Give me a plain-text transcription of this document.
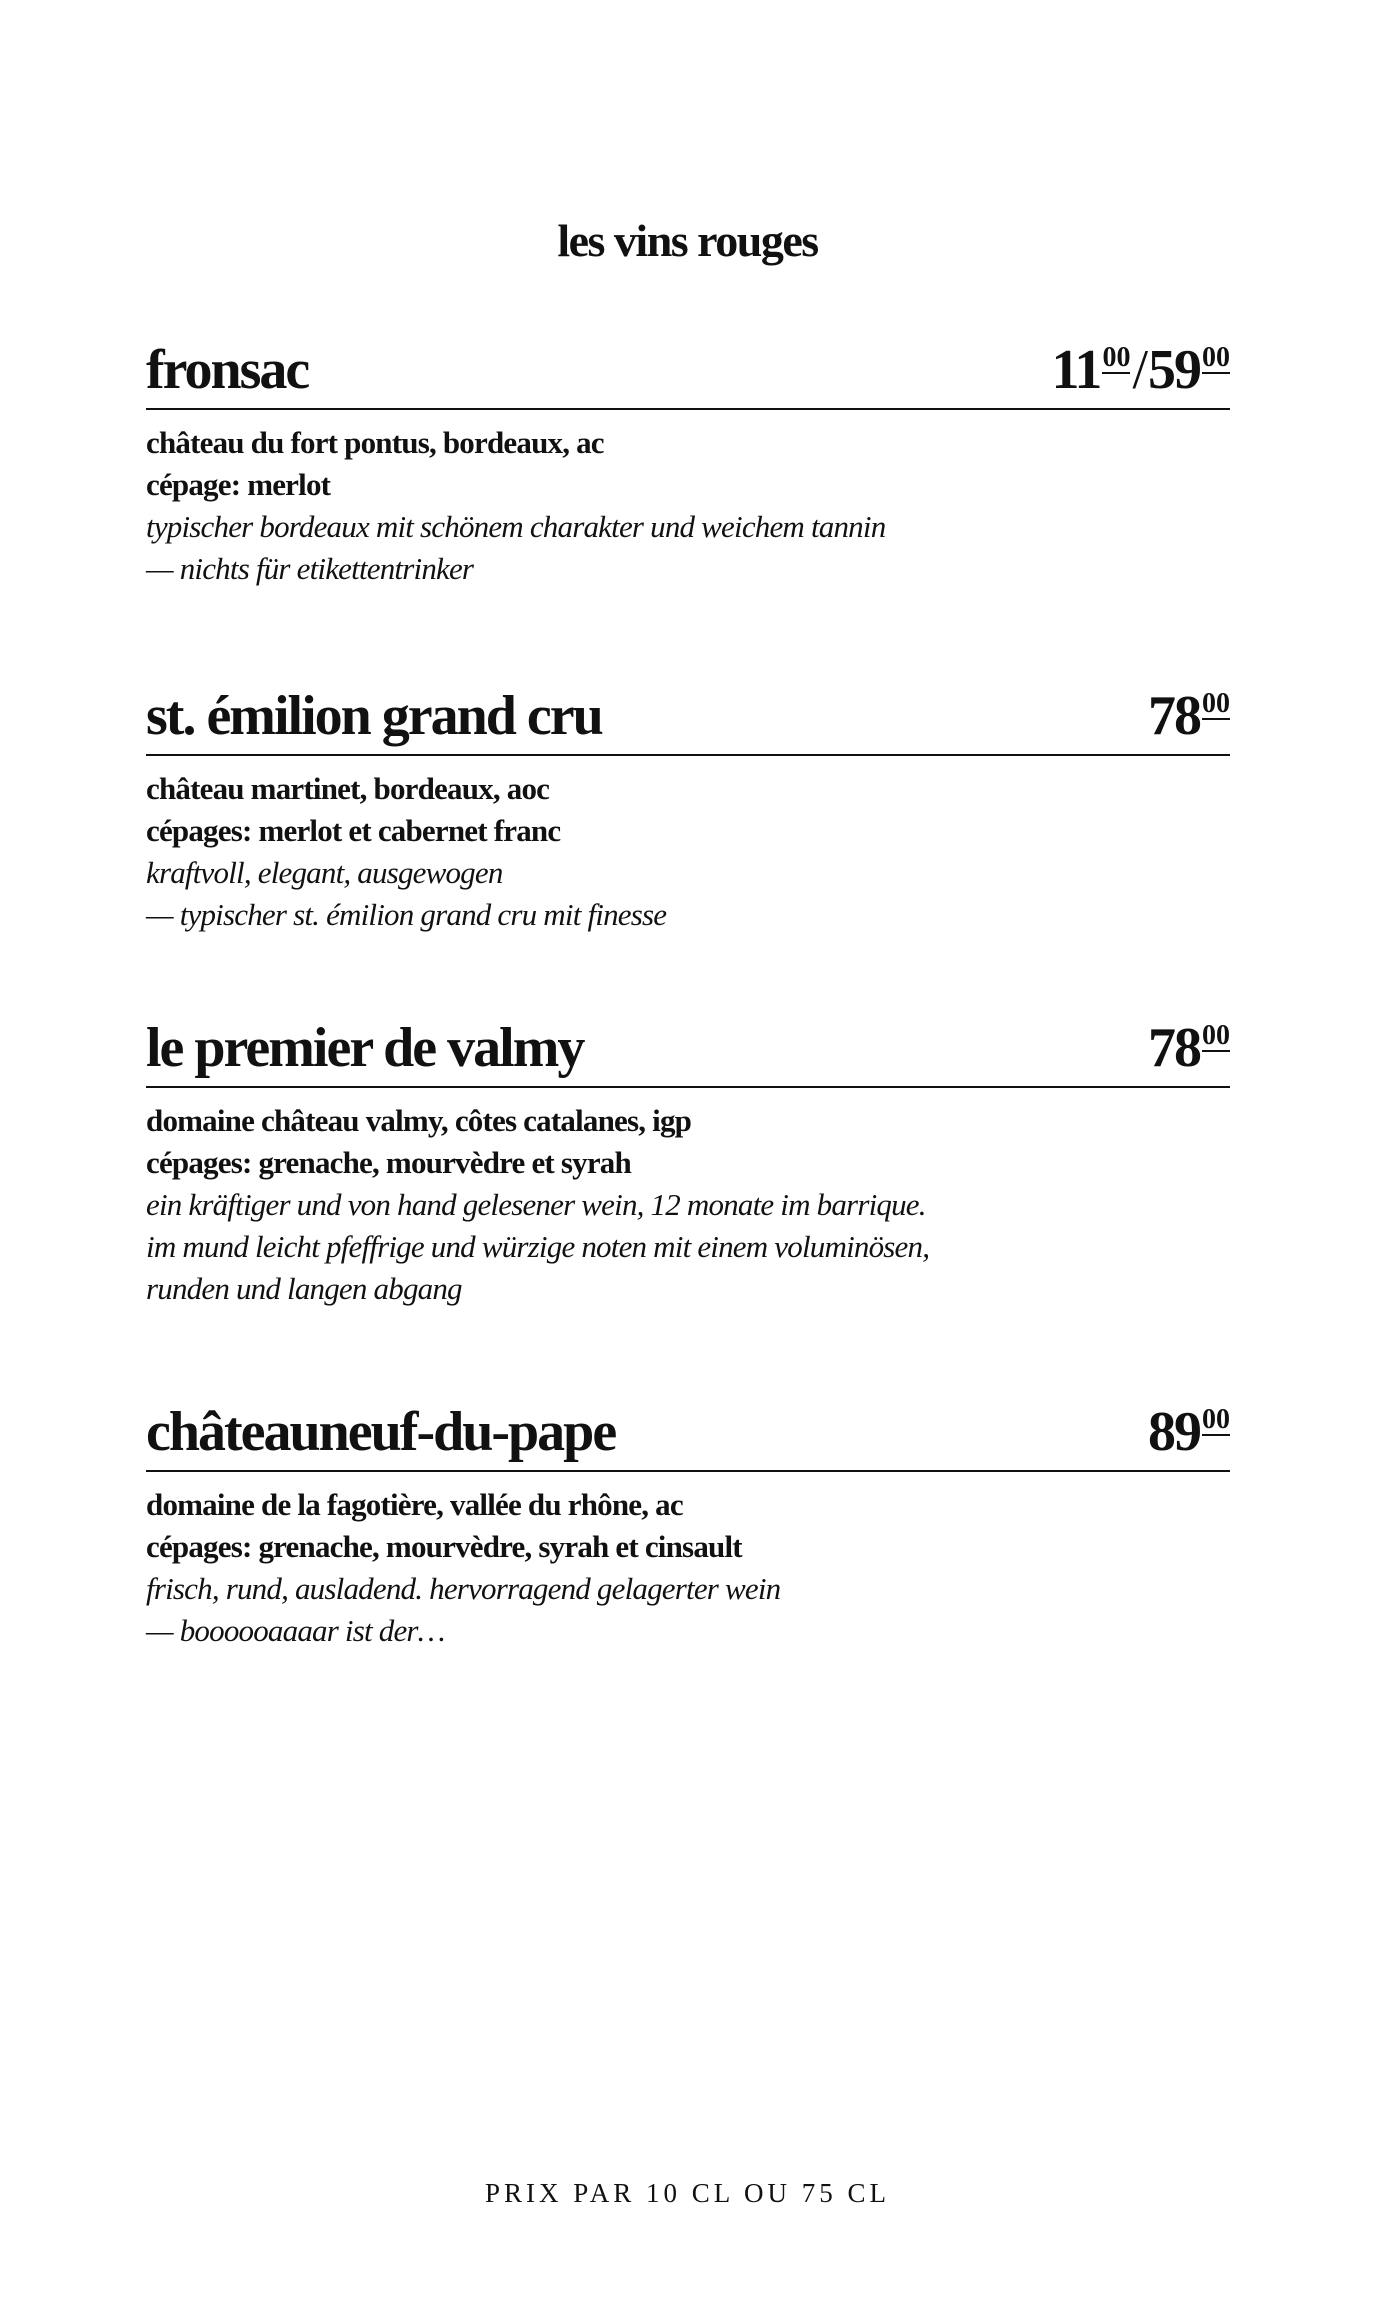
les vins rouges
fronsac	1100/5900
château du fort pontus, bordeaux, ac
cépage: merlot
typischer bordeaux mit schönem charakter und weichem tannin
— nichts für etikettentrinker
st. émilion grand cru	7800
château martinet, bordeaux, aoc
cépages: merlot et cabernet franc
kraftvoll, elegant, ausgewogen
— typischer st. émilion grand cru mit finesse
le premier de valmy	7800
domaine château valmy, côtes catalanes, igp
cépages: grenache, mourvèdre et syrah
ein kräftiger und von hand gelesener wein, 12 monate im barrique.
im mund leicht pfeffrige und würzige noten mit einem voluminösen,
runden und langen abgang
châteauneuf-du-pape	8900
domaine de la fagotière, vallée du rhône, ac
cépages: grenache, mourvèdre, syrah et cinsault
frisch, rund, ausladend. hervorragend gelagerter wein
— boooooaaaar ist der…
PRIX PAR 10 CL OU 75 CL
